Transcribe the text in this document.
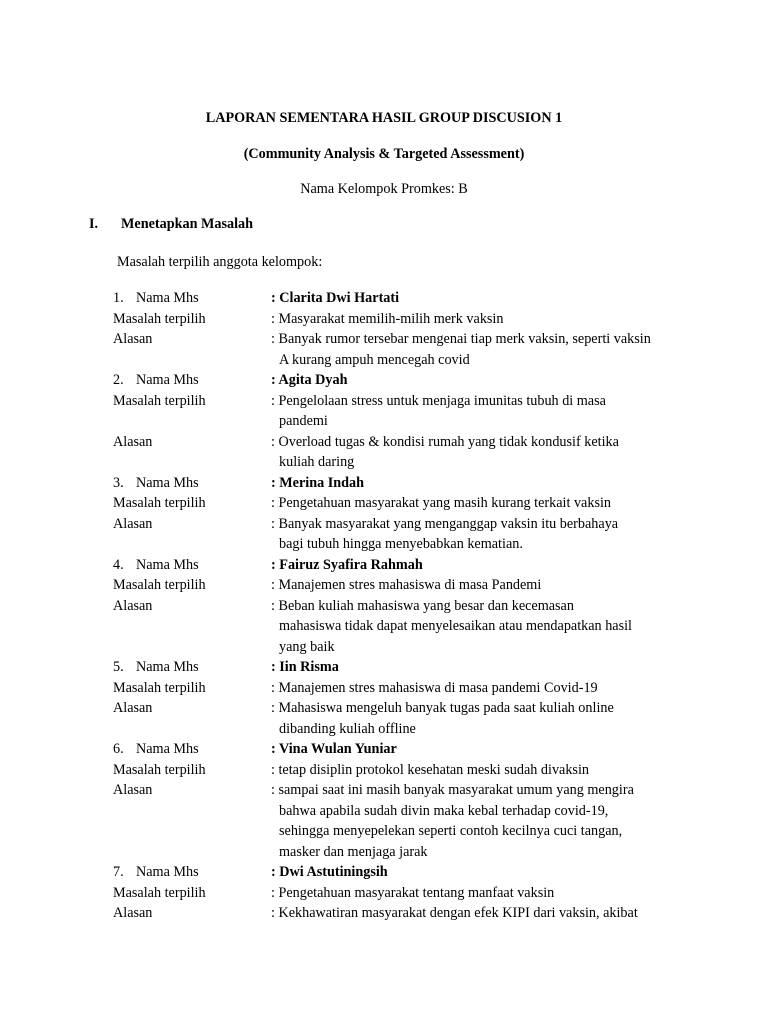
LAPORAN SEMENTARA HASIL GROUP DISCUSION 1
(Community Analysis & Targeted Assessment)
Nama Kelompok Promkes: B
I. Menetapkan Masalah
Masalah terpilih anggota kelompok:
1. Nama Mhs	: Clarita Dwi Hartati
Masalah terpilih	: Masyarakat memilih-milih merk vaksin
Alasan	: Banyak rumor tersebar mengenai tiap merk vaksin, seperti vaksin
A kurang ampuh mencegah covid
2. Nama Mhs	: Agita Dyah
Masalah terpilih	: Pengelolaan stress untuk menjaga imunitas tubuh di masa
pandemi
Alasan	: Overload tugas & kondisi rumah yang tidak kondusif ketika
kuliah daring
3. Nama Mhs	: Merina Indah
Masalah terpilih	: Pengetahuan masyarakat yang masih kurang terkait vaksin
Alasan	: Banyak masyarakat yang menganggap vaksin itu berbahaya
bagi tubuh hingga menyebabkan kematian.
4. Nama Mhs	: Fairuz Syafira Rahmah
Masalah terpilih	: Manajemen stres mahasiswa di masa Pandemi
Alasan	: Beban kuliah mahasiswa yang besar dan kecemasan
mahasiswa tidak dapat menyelesaikan atau mendapatkan hasil
yang baik
5. Nama Mhs	: Iin Risma
Masalah terpilih	: Manajemen stres mahasiswa di masa pandemi Covid-19
Alasan	: Mahasiswa mengeluh banyak tugas pada saat kuliah online
dibanding kuliah offline
6. Nama Mhs	: Vina Wulan Yuniar
Masalah terpilih	: tetap disiplin protokol kesehatan meski sudah divaksin
Alasan	: sampai saat ini masih banyak masyarakat umum yang mengira
bahwa apabila sudah divin maka kebal terhadap covid-19,
sehingga menyepelekan seperti contoh kecilnya cuci tangan,
masker dan menjaga jarak
7. Nama Mhs	: Dwi Astutiningsih
Masalah terpilih	: Pengetahuan masyarakat tentang manfaat vaksin
Alasan	: Kekhawatiran masyarakat dengan efek KIPI dari vaksin, akibat
